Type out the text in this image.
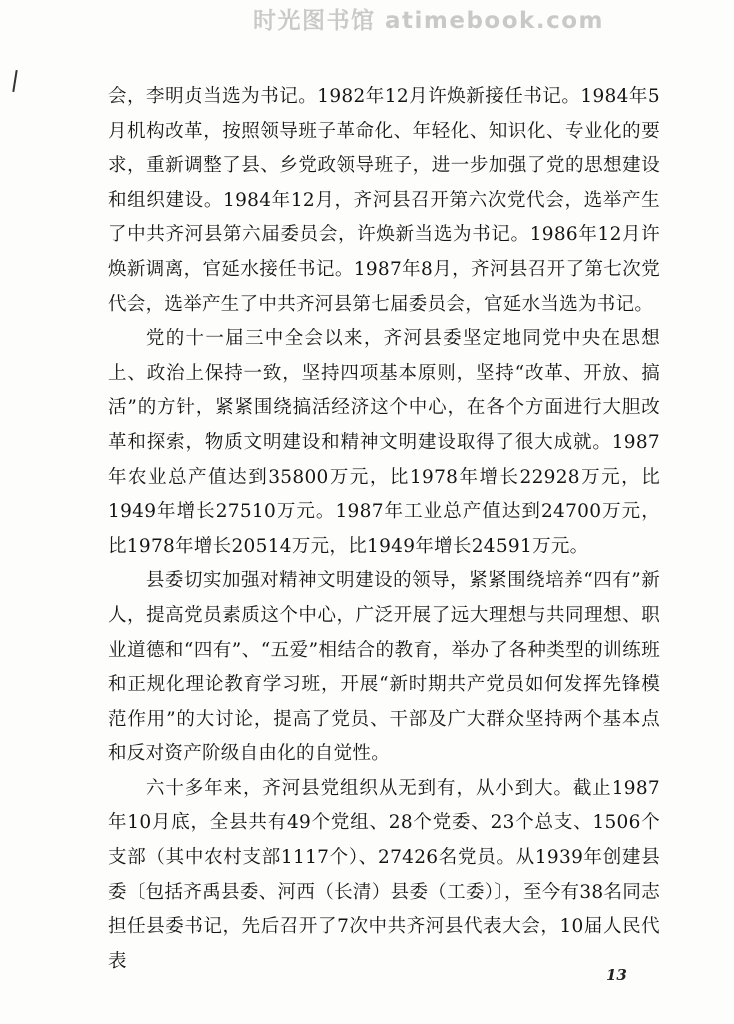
时光图书馆 atimebook.com

会，李明贞当选为书记。1982年12月许焕新接任书记。1984年5月机构改革，按照领导班子革命化、年轻化、知识化、专业化的要求，重新调整了县、乡党政领导班子，进一步加强了党的思想建设和组织建设。1984年12月，齐河县召开第六次党代会，选举产生了中共齐河县第六届委员会，许焕新当选为书记。1986年12月许焕新调离，官延水接任书记。1987年8月，齐河县召开了第七次党代会，选举产生了中共齐河县第七届委员会，官延水当选为书记。

党的十一届三中全会以来，齐河县委坚定地同党中央在思想上、政治上保持一致，坚持四项基本原则，坚持“改革、开放、搞活”的方针，紧紧围绕搞活经济这个中心，在各个方面进行大胆改革和探索，物质文明建设和精神文明建设取得了很大成就。1987年农业总产值达到35800万元，比1978年增长22928万元，比1949年增长27510万元。1987年工业总产值达到24700万元，比1978年增长20514万元，比1949年增长24591万元。

县委切实加强对精神文明建设的领导，紧紧围绕培养“四有”新人，提高党员素质这个中心，广泛开展了远大理想与共同理想、职业道德和“四有”、“五爱”相结合的教育，举办了各种类型的训练班和正规化理论教育学习班，开展“新时期共产党员如何发挥先锋模范作用”的大讨论，提高了党员、干部及广大群众坚持两个基本点和反对资产阶级自由化的自觉性。

六十多年来，齐河县党组织从无到有，从小到大。截止1987年10月底，全县共有49个党组、28个党委、23个总支、1506个支部（其中农村支部1117个）、27426名党员。从1939年创建县委〔包括齐禹县委、河西（长清）县委（工委）〕，至今有38名同志担任县委书记，先后召开了7次中共齐河县代表大会，10届人民代表

13
